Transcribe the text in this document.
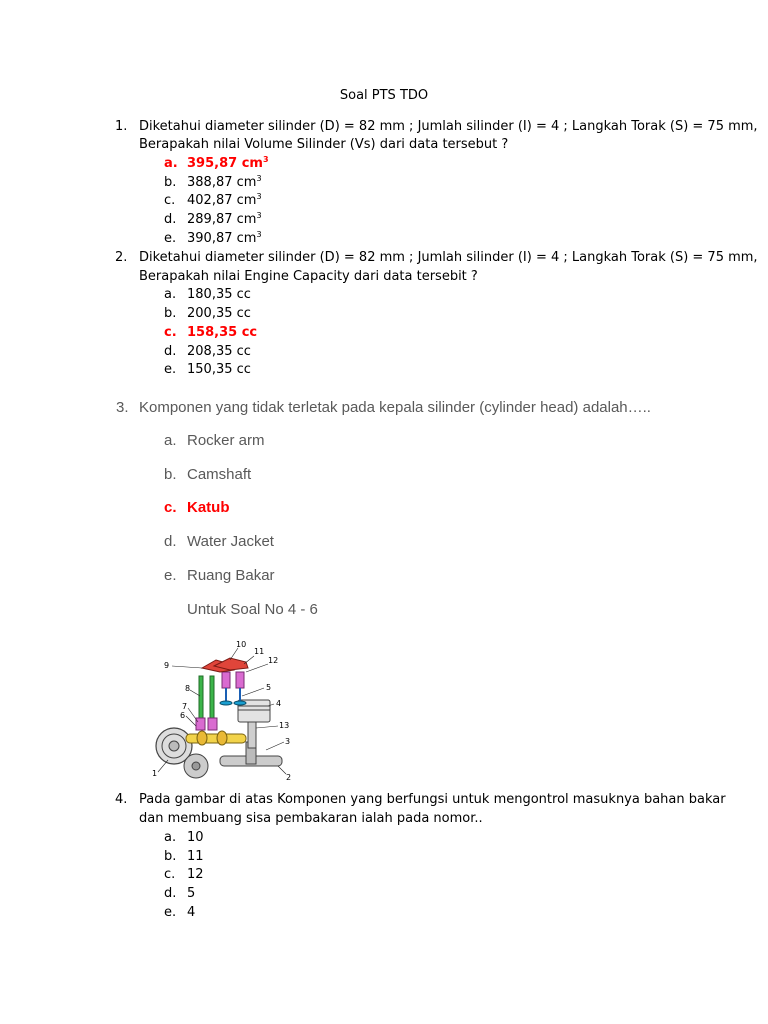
Soal PTS TDO
1. Diketahui diameter silinder (D) = 82 mm ; Jumlah silinder (I) = 4 ; Langkah Torak (S) = 75 mm,
Berapakah nilai Volume Silinder (Vs) dari data tersebut ?
a. 395,87 $cm^3$
b. 388,87 $cm^3$
c. 402,87 $cm^3$
d. 289,87 $cm^3$
e. 390,87 $cm^3$
2. Diketahui diameter silinder (D) = 82 mm ; Jumlah silinder (I) = 4 ; Langkah Torak (S) = 75 mm,
Berapakah nilai Engine Capacity dari data tersebit ?
a. 180,35 cc
b. 200,35 cc
c. 158,35 cc
d. 208,35 cc
e. 150,35 cc
3. Komponen yang tidak terletak pada kepala silinder (cylinder head) adalah…..
a. Rocker arm
b. Camshaft
c. Katub
d. Water Jacket
e. Ruang Bakar
Untuk Soal No 4 - 6
10
11
12
9
8	5
7
6
4
13
3
1	2
4. Pada gambar di atas Komponen yang berfungsi untuk mengontrol masuknya bahan bakar
dan membuang sisa pembakaran ialah pada nomor..
a. 10
b. 11
c. 12
d. 5
e. 4
